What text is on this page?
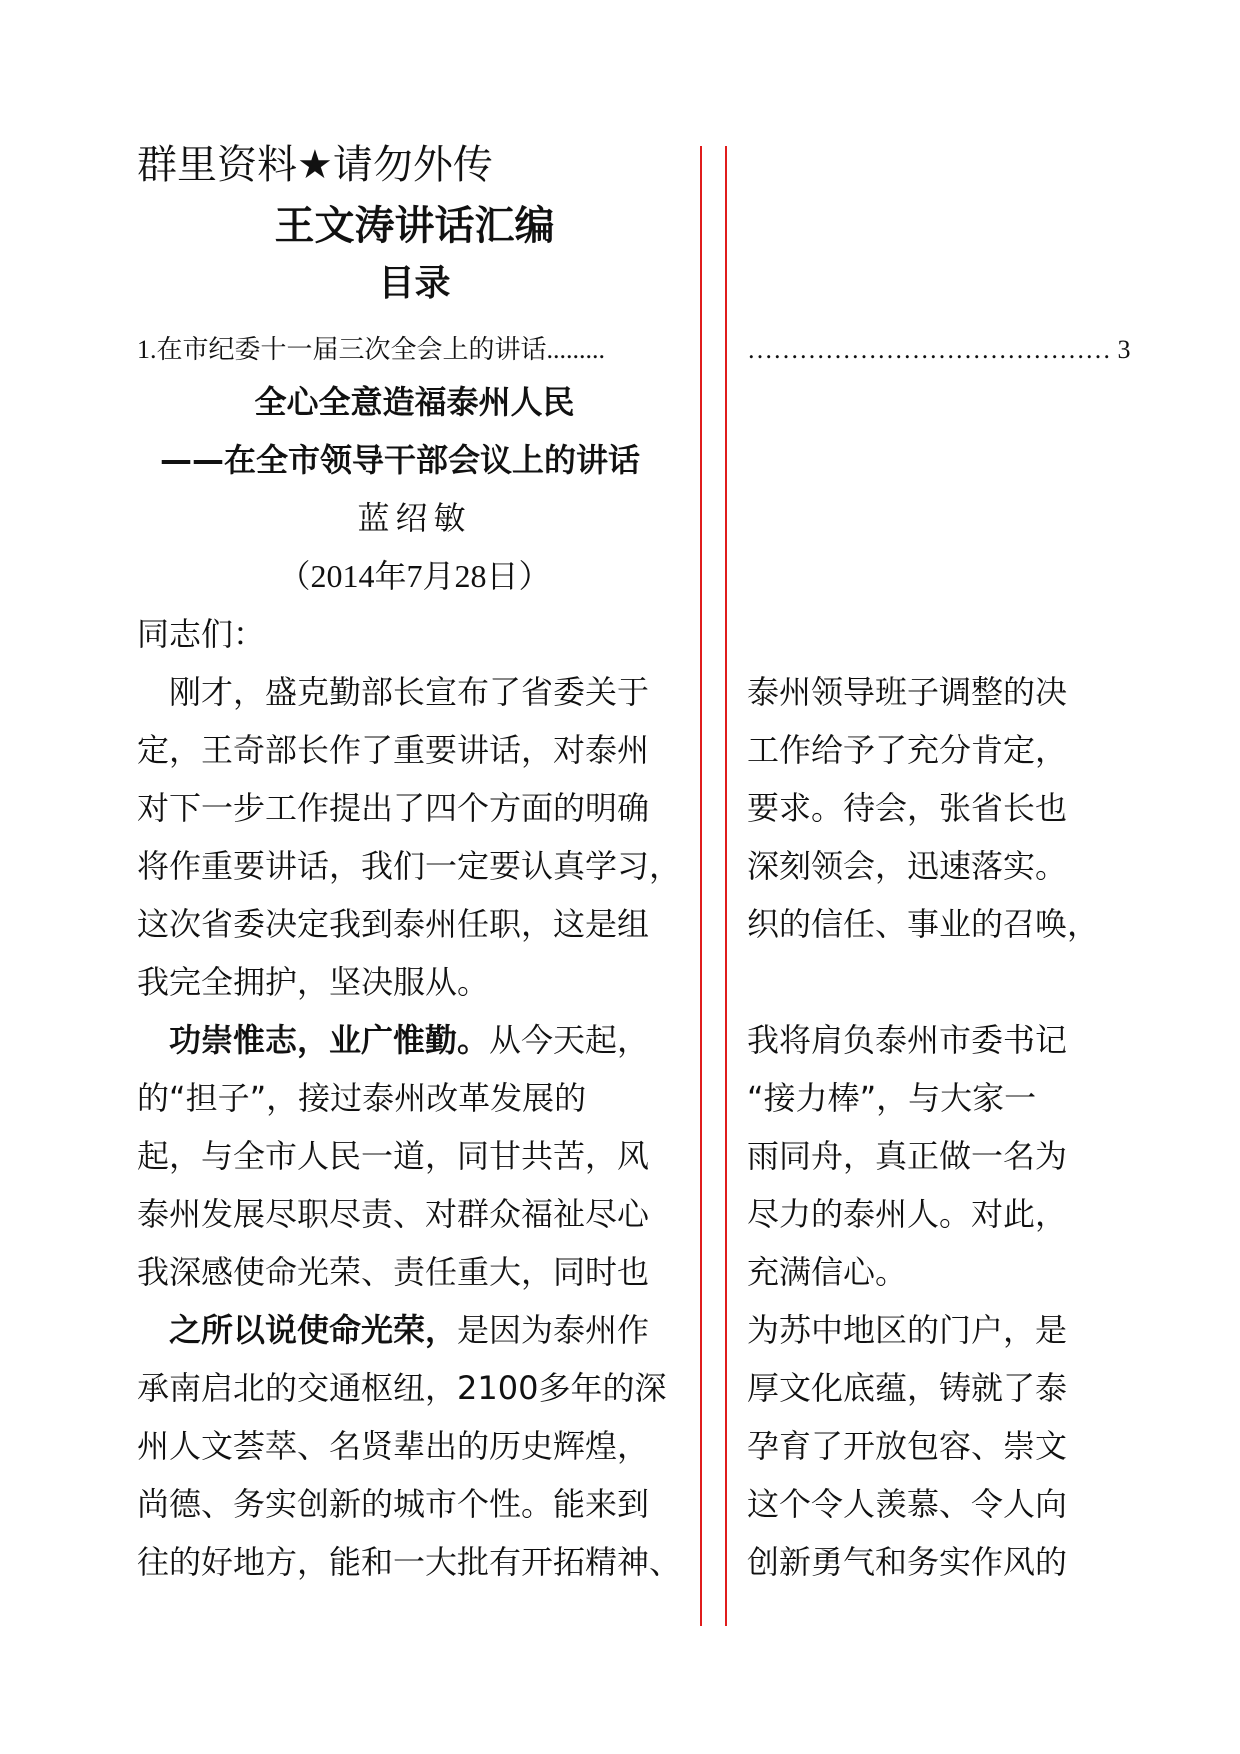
群里资料★请勿外传
王文涛讲话汇编
目录
1.在市纪委十一届三次全会上的讲话.........	…………………………………… 3
全心全意造福泰州人民
——在全市领导干部会议上的讲话
蓝绍敏
（2014年7月28日）
同志们：
　刚才，盛克勤部长宣布了省委关于
定，王奇部长作了重要讲话，对泰州
对下一步工作提出了四个方面的明确
将作重要讲话，我们一定要认真学习，
这次省委决定我到泰州任职，这是组
我完全拥护，坚决服从。
　功崇惟志，业广惟勤。从今天起，
的“担子”，接过泰州改革发展的
起，与全市人民一道，同甘共苦，风
泰州发展尽职尽责、对群众福祉尽心
我深感使命光荣、责任重大，同时也
　之所以说使命光荣，是因为泰州作
承南启北的交通枢纽，2100多年的深
州人文荟萃、名贤辈出的历史辉煌，
尚德、务实创新的城市个性。能来到
往的好地方，能和一大批有开拓精神、
泰州领导班子调整的决
工作给予了充分肯定，
要求。待会，张省长也
深刻领会，迅速落实。
织的信任、事业的召唤，
我将肩负泰州市委书记
“接力棒”，与大家一
雨同舟，真正做一名为
尽力的泰州人。对此，
充满信心。
为苏中地区的门户，是
厚文化底蕴，铸就了泰
孕育了开放包容、崇文
这个令人羡慕、令人向
创新勇气和务实作风的
